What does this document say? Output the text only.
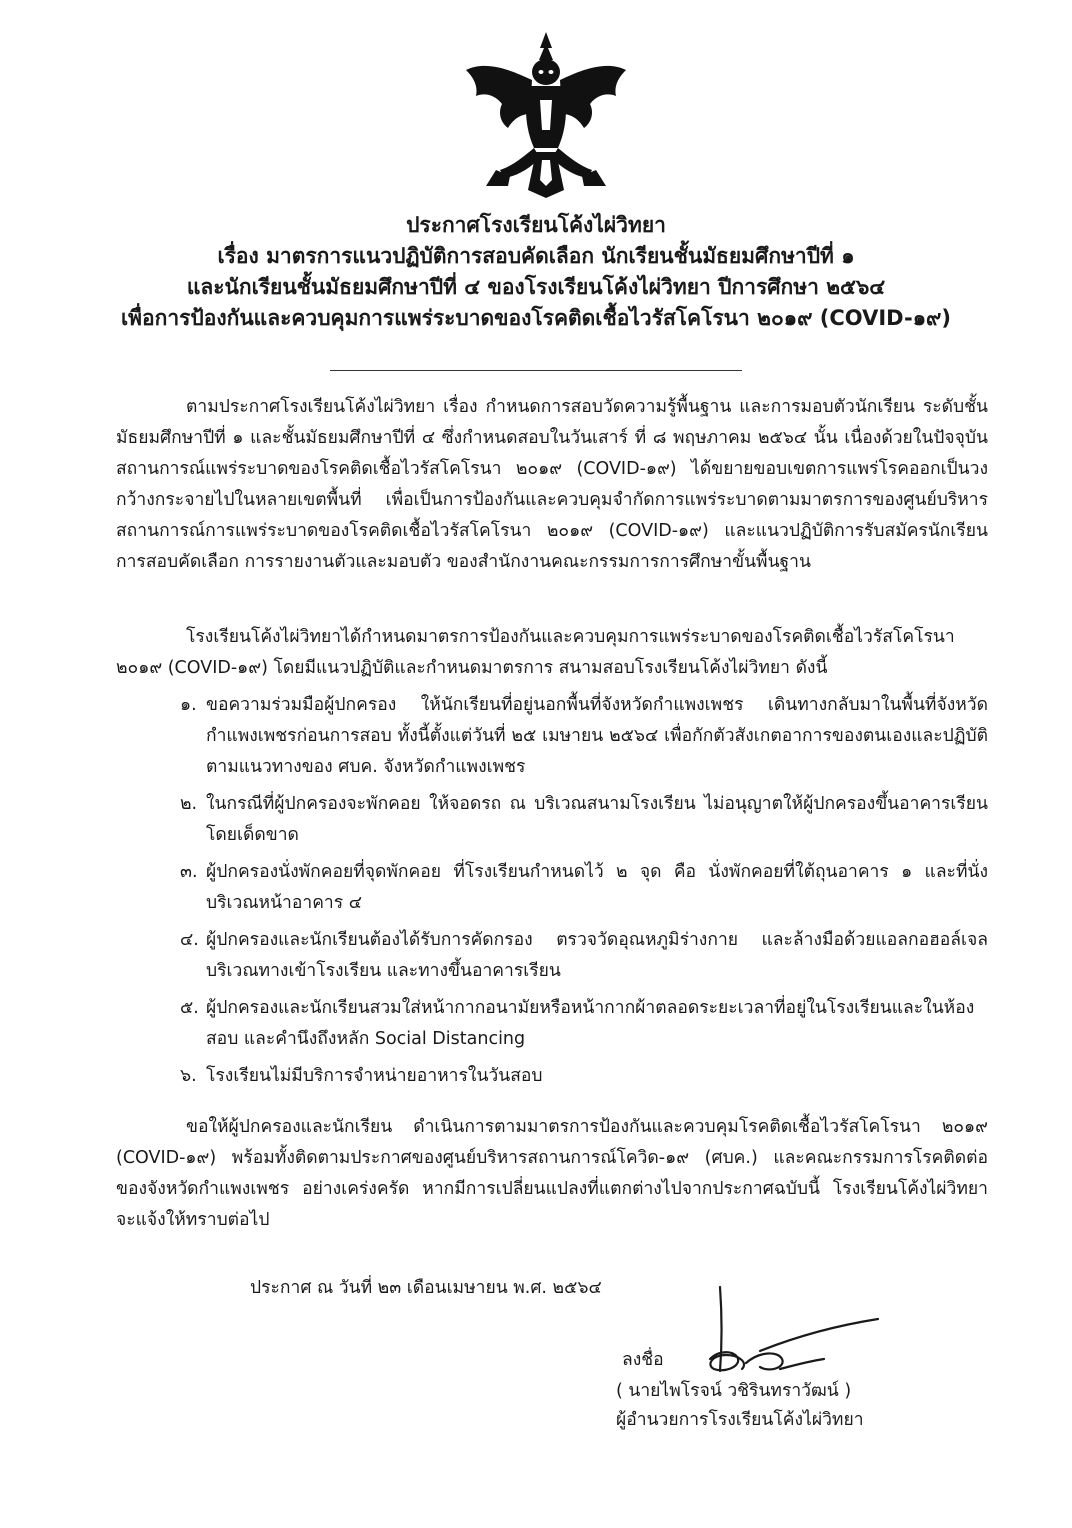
ประกาศโรงเรียนโค้งไผ่วิทยา
เรื่อง มาตรการแนวปฏิบัติการสอบคัดเลือก นักเรียนชั้นมัธยมศึกษาปีที่ ๑
และนักเรียนชั้นมัธยมศึกษาปีที่ ๔ ของโรงเรียนโค้งไผ่วิทยา ปีการศึกษา ๒๕๖๔
เพื่อการป้องกันและควบคุมการแพร่ระบาดของโรคติดเชื้อไวรัสโคโรนา ๒๐๑๙ (COVID-๑๙)
ตามประกาศโรงเรียนโค้งไผ่วิทยา เรื่อง กำหนดการสอบวัดความรู้พื้นฐาน และการมอบตัวนักเรียน ระดับชั้นมัธยมศึกษาปีที่ ๑ และชั้นมัธยมศึกษาปีที่ ๔ ซึ่งกำหนดสอบในวันเสาร์ ที่ ๘ พฤษภาคม ๒๕๖๔ นั้น เนื่องด้วยในปัจจุบันสถานการณ์แพร่ระบาดของโรคติดเชื้อไวรัสโคโรนา ๒๐๑๙ (COVID-๑๙) ได้ขยายขอบเขตการแพร่โรคออกเป็นวงกว้างกระจายไปในหลายเขตพื้นที่ เพื่อเป็นการป้องกันและควบคุมจำกัดการแพร่ระบาดตามมาตรการของศูนย์บริหารสถานการณ์การแพร่ระบาดของโรคติดเชื้อไวรัสโคโรนา ๒๐๑๙ (COVID-๑๙) และแนวปฏิบัติการรับสมัครนักเรียน การสอบคัดเลือก การรายงานตัวและมอบตัว ของสำนักงานคณะกรรมการการศึกษาขั้นพื้นฐาน
โรงเรียนโค้งไผ่วิทยาได้กำหนดมาตรการป้องกันและควบคุมการแพร่ระบาดของโรคติดเชื้อไวรัสโคโรนา ๒๐๑๙ (COVID-๑๙) โดยมีแนวปฏิบัติและกำหนดมาตรการ สนามสอบโรงเรียนโค้งไผ่วิทยา ดังนี้
๑. ขอความร่วมมือผู้ปกครอง ให้นักเรียนที่อยู่นอกพื้นที่จังหวัดกำแพงเพชร เดินทางกลับมาในพื้นที่จังหวัดกำแพงเพชรก่อนการสอบ ทั้งนี้ตั้งแต่วันที่ ๒๕ เมษายน ๒๕๖๔ เพื่อกักตัวสังเกตอาการของตนเองและปฏิบัติตามแนวทางของ ศบค. จังหวัดกำแพงเพชร
๒. ในกรณีที่ผู้ปกครองจะพักคอย ให้จอดรถ ณ บริเวณสนามโรงเรียน ไม่อนุญาตให้ผู้ปกครองขึ้นอาคารเรียนโดยเด็ดขาด
๓. ผู้ปกครองนั่งพักคอยที่จุดพักคอย ที่โรงเรียนกำหนดไว้ ๒ จุด คือ นั่งพักคอยที่ใต้ถุนอาคาร ๑ และที่นั่งบริเวณหน้าอาคาร ๔
๔. ผู้ปกครองและนักเรียนต้องได้รับการคัดกรอง ตรวจวัดอุณหภูมิร่างกาย และล้างมือด้วยแอลกอฮอล์เจล บริเวณทางเข้าโรงเรียน และทางขึ้นอาคารเรียน
๕. ผู้ปกครองและนักเรียนสวมใส่หน้ากากอนามัยหรือหน้ากากผ้าตลอดระยะเวลาที่อยู่ในโรงเรียนและในห้องสอบ และคำนึงถึงหลัก Social Distancing
๖. โรงเรียนไม่มีบริการจำหน่ายอาหารในวันสอบ
ขอให้ผู้ปกครองและนักเรียน ดำเนินการตามมาตรการป้องกันและควบคุมโรคติดเชื้อไวรัสโคโรนา ๒๐๑๙ (COVID-๑๙) พร้อมทั้งติดตามประกาศของศูนย์บริหารสถานการณ์โควิด-๑๙ (ศบค.) และคณะกรรมการโรคติดต่อของจังหวัดกำแพงเพชร อย่างเคร่งครัด หากมีการเปลี่ยนแปลงที่แตกต่างไปจากประกาศฉบับนี้ โรงเรียนโค้งไผ่วิทยา จะแจ้งให้ทราบต่อไป
ประกาศ ณ วันที่ ๒๓ เดือนเมษายน พ.ศ. ๒๕๖๔
ลงชื่อ
( นายไพโรจน์ วชิรินทราวัฒน์ )
ผู้อำนวยการโรงเรียนโค้งไผ่วิทยา
